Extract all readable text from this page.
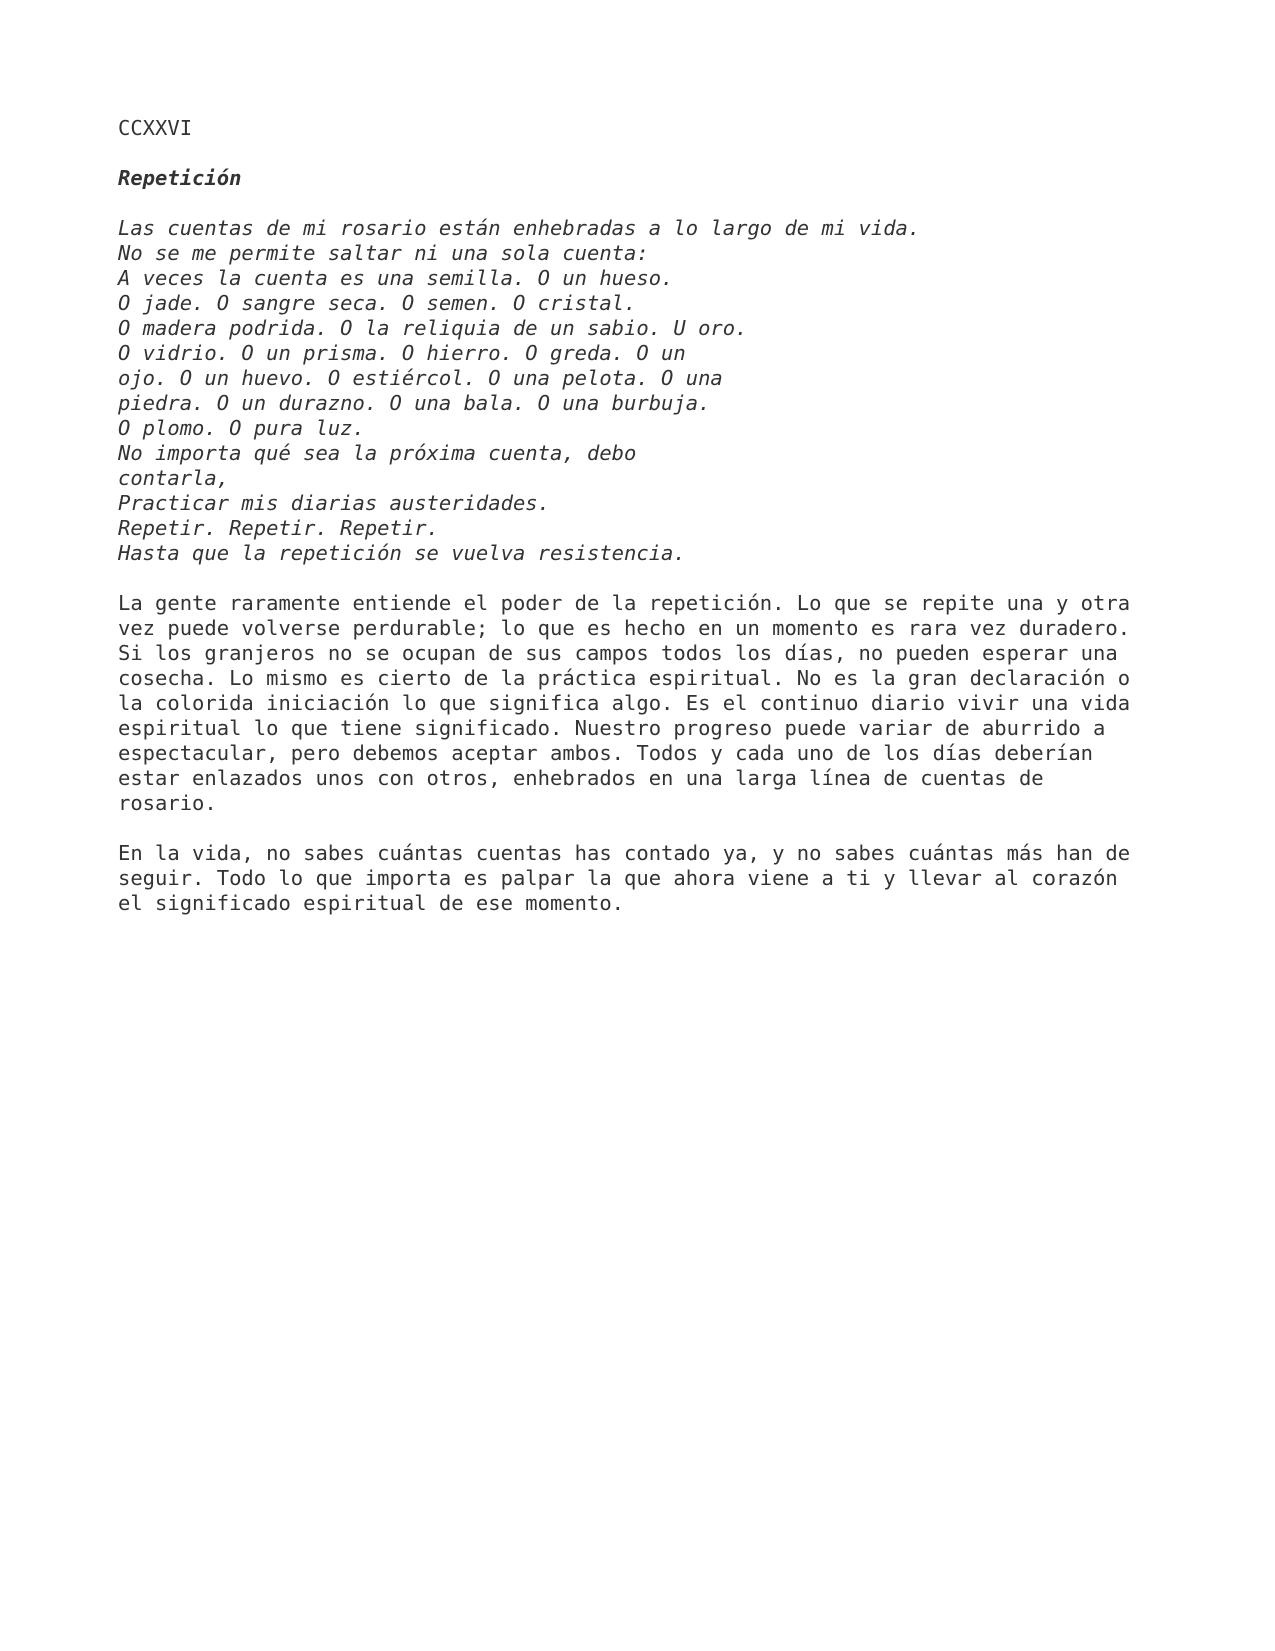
CCXXVI
Repetición
Las cuentas de mi rosario están enhebradas a lo largo de mi vida.
No se me permite saltar ni una sola cuenta:
A veces la cuenta es una semilla. O un hueso.
O jade. O sangre seca. O semen. O cristal.
O madera podrida. O la reliquia de un sabio. U oro.
O vidrio. O un prisma. O hierro. O greda. O un
ojo. O un huevo. O estiércol. O una pelota. O una
piedra. O un durazno. O una bala. O una burbuja.
O plomo. O pura luz.
No importa qué sea la próxima cuenta, debo
contarla,
Practicar mis diarias austeridades.
Repetir. Repetir. Repetir.
Hasta que la repetición se vuelva resistencia.
La gente raramente entiende el poder de la repetición. Lo que se repite una y otra
vez puede volverse perdurable; lo que es hecho en un momento es rara vez duradero.
Si los granjeros no se ocupan de sus campos todos los días, no pueden esperar una
cosecha. Lo mismo es cierto de la práctica espiritual. No es la gran declaración o
la colorida iniciación lo que significa algo. Es el continuo diario vivir una vida
espiritual lo que tiene significado. Nuestro progreso puede variar de aburrido a
espectacular, pero debemos aceptar ambos. Todos y cada uno de los días deberían
estar enlazados unos con otros, enhebrados en una larga línea de cuentas de
rosario.
En la vida, no sabes cuántas cuentas has contado ya, y no sabes cuántas más han de
seguir. Todo lo que importa es palpar la que ahora viene a ti y llevar al corazón
el significado espiritual de ese momento.
